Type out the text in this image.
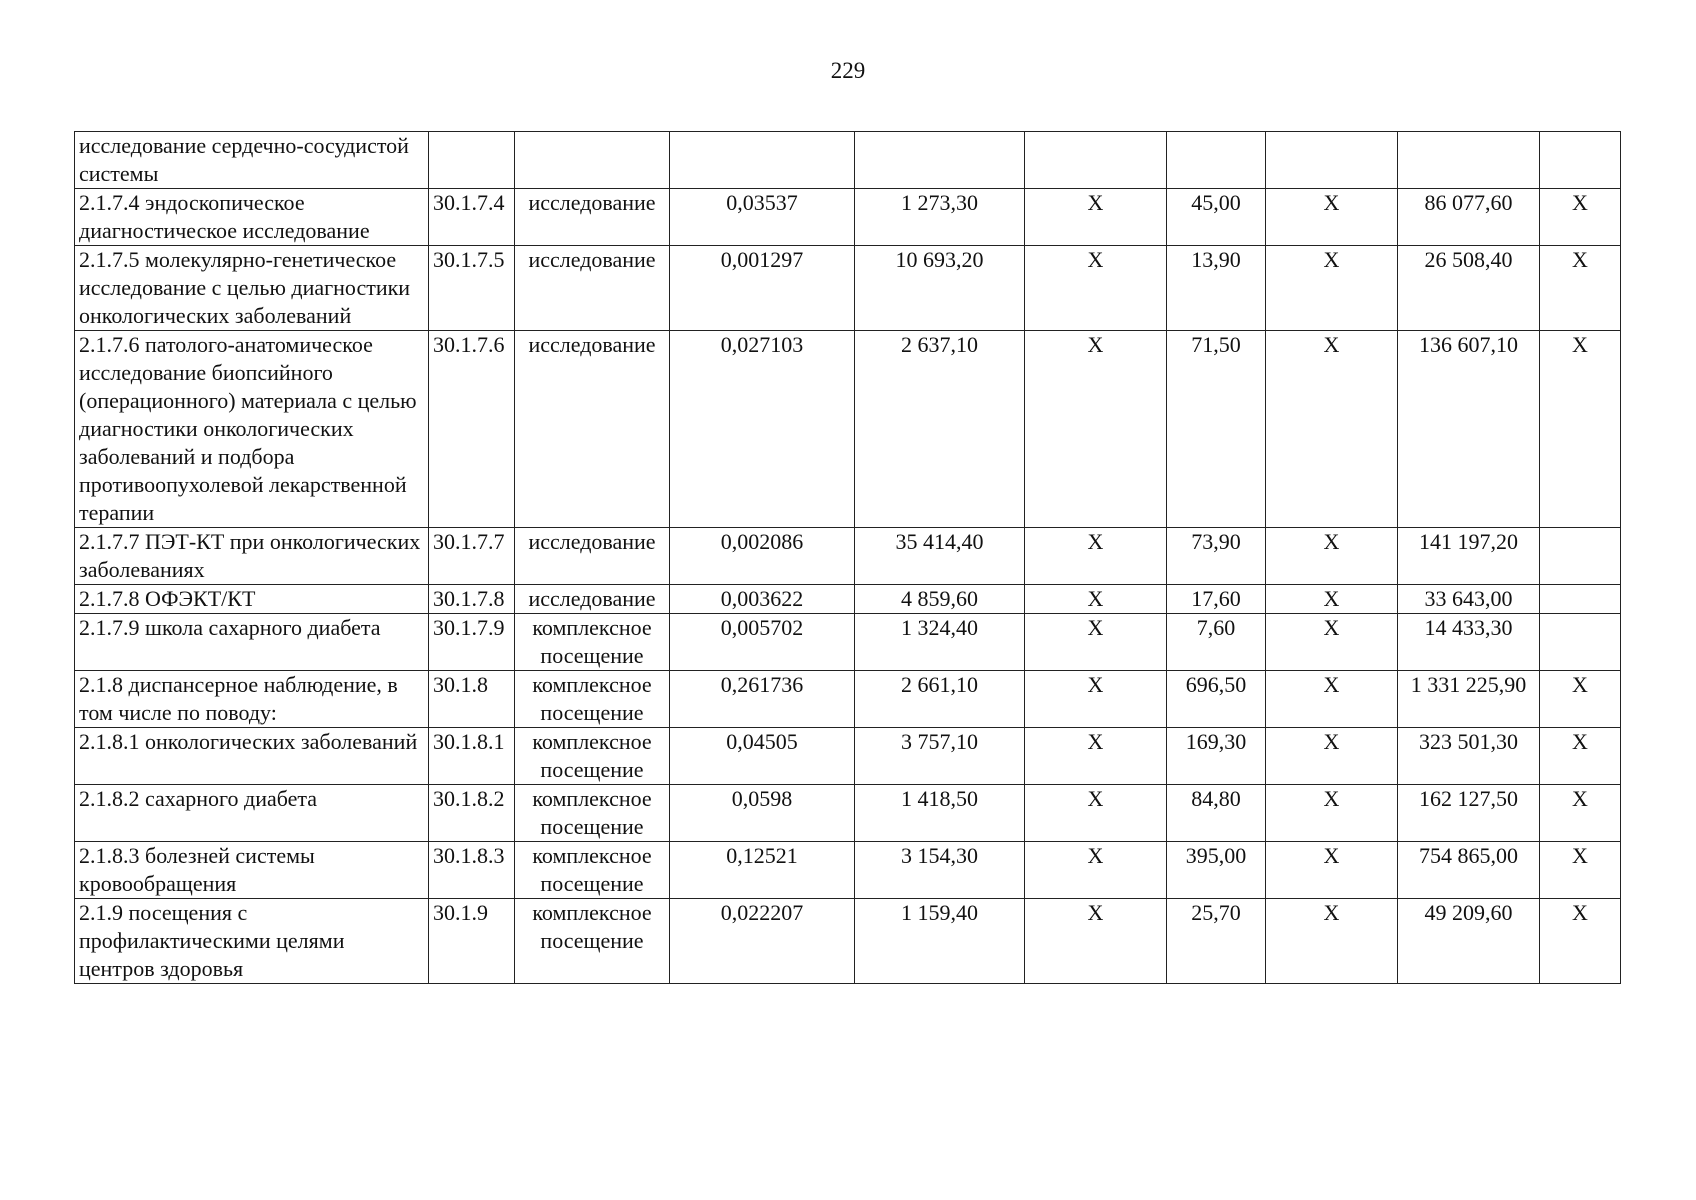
229
исследование сердечно-сосудистой системы									
2.1.7.4 эндоскопическое диагностическое исследование	30.1.7.4	исследование	0,03537	1 273,30	X	45,00	X	86 077,60	X
2.1.7.5 молекулярно-генетическое исследование с целью диагностики онкологических заболеваний	30.1.7.5	исследование	0,001297	10 693,20	X	13,90	X	26 508,40	X
2.1.7.6 патолого-анатомическое исследование биопсийного (операционного) материала с целью диагностики онкологических заболеваний и подбора противоопухолевой лекарственной терапии	30.1.7.6	исследование	0,027103	2 637,10	X	71,50	X	136 607,10	X
2.1.7.7 ПЭТ-КТ при онкологических заболеваниях	30.1.7.7	исследование	0,002086	35 414,40	X	73,90	X	141 197,20	
2.1.7.8 ОФЭКТ/КТ	30.1.7.8	исследование	0,003622	4 859,60	X	17,60	X	33 643,00	
2.1.7.9 школа сахарного диабета	30.1.7.9	комплексное посещение	0,005702	1 324,40	X	7,60	X	14 433,30	
2.1.8 диспансерное наблюдение, в том числе по поводу:	30.1.8	комплексное посещение	0,261736	2 661,10	X	696,50	X	1 331 225,90	X
2.1.8.1 онкологических заболеваний	30.1.8.1	комплексное посещение	0,04505	3 757,10	X	169,30	X	323 501,30	X
2.1.8.2 сахарного диабета	30.1.8.2	комплексное посещение	0,0598	1 418,50	X	84,80	X	162 127,50	X
2.1.8.3 болезней системы кровообращения	30.1.8.3	комплексное посещение	0,12521	3 154,30	X	395,00	X	754 865,00	X
2.1.9 посещения с профилактическими целями центров здоровья	30.1.9	комплексное посещение	0,022207	1 159,40	X	25,70	X	49 209,60	X
